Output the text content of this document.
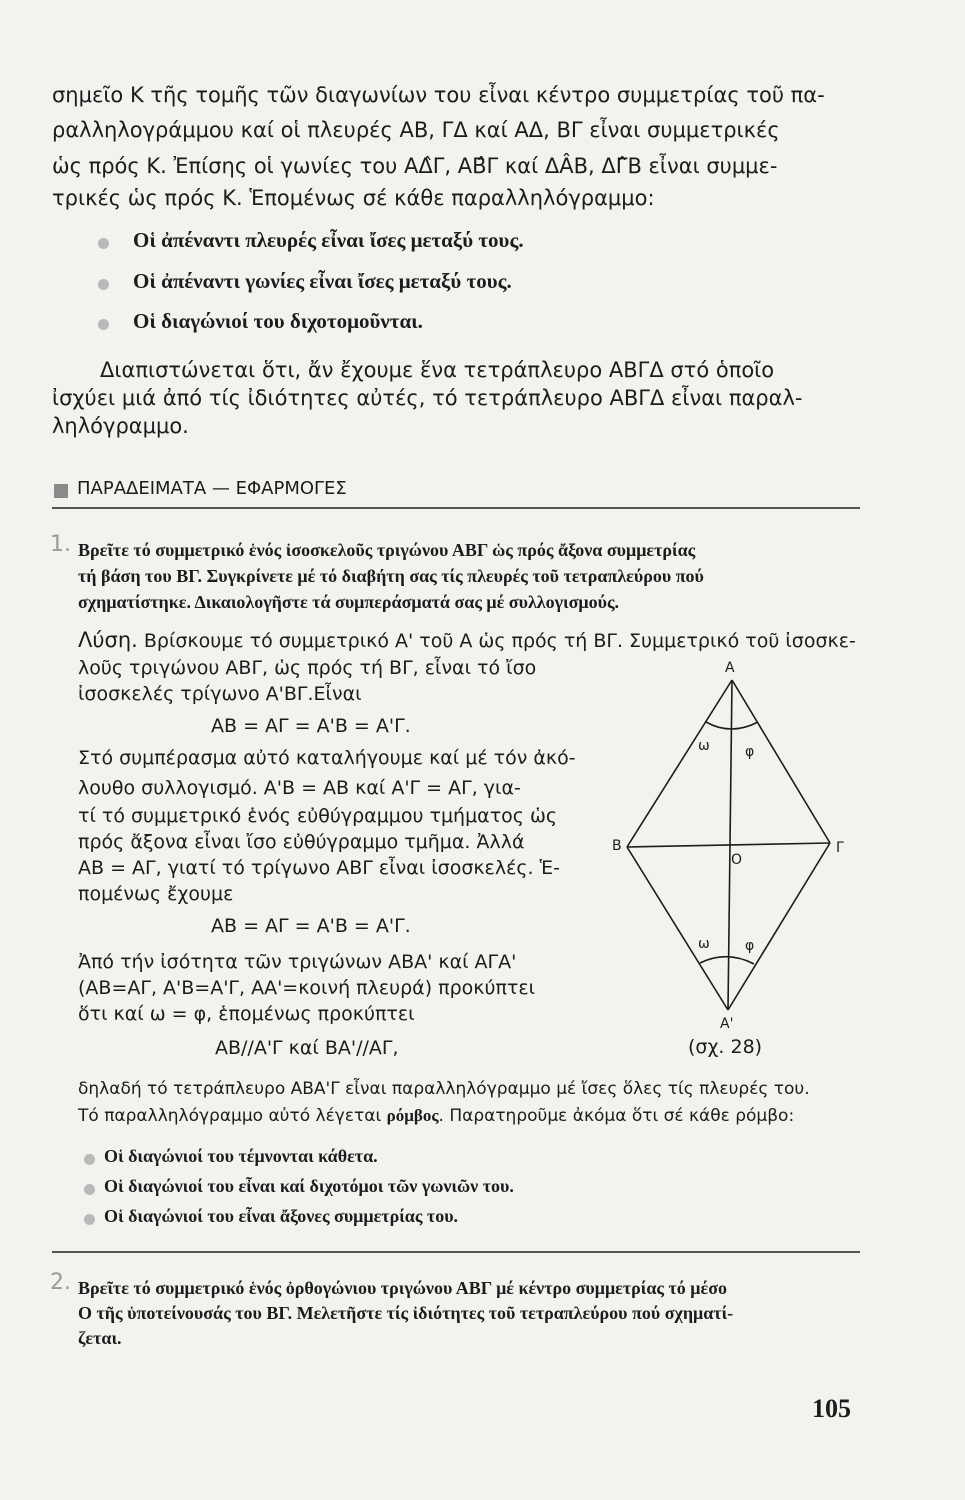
σημεῖο Κ τῆς τομῆς τῶν διαγωνίων του εἶναι κέντρο συμμετρίας τοῦ πα-
ραλληλογράμμου καί οἱ πλευρές ΑΒ, ΓΔ καί ΑΔ, ΒΓ εἶναι συμμετρικές
ὡς πρός Κ. Ἐπίσης οἱ γωνίες του ΑΔ̂Γ, ΑΒ̂Γ καί ΔÂΒ, ΔΓ̂Β εἶναι συμμε-
τρικές ὡς πρός Κ. Ἑπομένως σέ κάθε παραλληλόγραμμο:
Οἱ ἀπέναντι πλευρές εἶναι ἴσες μεταξύ τους.
Οἱ ἀπέναντι γωνίες εἶναι ἴσες μεταξύ τους.
Οἱ διαγώνιοί του διχοτομοῦνται.
Διαπιστώνεται ὅτι, ἄν ἔχουμε ἕνα τετράπλευρο ΑΒΓΔ στό ὁποῖο
ἰσχύει μιά ἀπό τίς ἰδιότητες αὐτές, τό τετράπλευρο ΑΒΓΔ εἶναι παραλ-
ληλόγραμμο.
ΠΑΡΑΔΕΙΜΑΤΑ — ΕΦΑΡΜΟΓΕΣ
1. Βρεῖτε τό συμμετρικό ἑνός ἰσοσκελοῦς τριγώνου ΑΒΓ ὡς πρός ἄξονα συμμετρίας
τή βάση του ΒΓ. Συγκρίνετε μέ τό διαβήτη σας τίς πλευρές τοῦ τετραπλεύρου πού
σχηματίστηκε. Δικαιολογῆστε τά συμπεράσματά σας μέ συλλογισμούς.
Λύση. Βρίσκουμε τό συμμετρικό Α' τοῦ Α ὡς πρός τή ΒΓ. Συμμετρικό τοῦ ἰσοσκε-
λοῦς τριγώνου ΑΒΓ, ὡς πρός τή ΒΓ, εἶναι τό ἴσο
ἰσοσκελές τρίγωνο Α'ΒΓ.Εἶναι
ΑΒ = ΑΓ = Α'Β = Α'Γ.
Στό συμπέρασμα αὐτό καταλήγουμε καί μέ τόν ἀκό-
λουθο συλλογισμό. Α'Β = ΑΒ καί Α'Γ = ΑΓ, για-
τί τό συμμετρικό ἑνός εὐθύγραμμου τμήματος ὡς
πρός ἄξονα εἶναι ἴσο εὐθύγραμμο τμῆμα. Ἀλλά
ΑΒ = ΑΓ, γιατί τό τρίγωνο ΑΒΓ εἶναι ἰσοσκελές. Ἑ-
πομένως ἔχουμε
ΑΒ = ΑΓ = Α'Β = Α'Γ.
Ἀπό τήν ἰσότητα τῶν τριγώνων ΑΒΑ' καί ΑΓΑ'
(ΑΒ=ΑΓ, Α'Β=Α'Γ, ΑΑ'=κοινή πλευρά) προκύπτει
ὅτι καί ω = φ, ἑπομένως προκύπτει
ΑΒ//Α'Γ καί ΒΑ'//ΑΓ,
Α
ω	φ
Β	Γ
Ο
ω	φ
Α'
(σχ. 28)
δηλαδή τό τετράπλευρο ΑΒΑ'Γ εἶναι παραλληλόγραμμο μέ ἴσες ὅλες τίς πλευρές του.
Τό παραλληλόγραμμο αὐτό λέγεται ρόμβος. Παρατηροῦμε ἀκόμα ὅτι σέ κάθε ρόμβο:
Οἱ διαγώνιοί του τέμνονται κάθετα.
Οἱ διαγώνιοί του εἶναι καί διχοτόμοι τῶν γωνιῶν του.
Οἱ διαγώνιοί του εἶναι ἄξονες συμμετρίας του.
2. Βρεῖτε τό συμμετρικό ἑνός ὀρθογώνιου τριγώνου ΑΒΓ μέ κέντρο συμμετρίας τό μέσο
Ο τῆς ὑποτείνουσάς του ΒΓ. Μελετῆστε τίς ἰδιότητες τοῦ τετραπλεύρου πού σχηματί-
ζεται.
105
